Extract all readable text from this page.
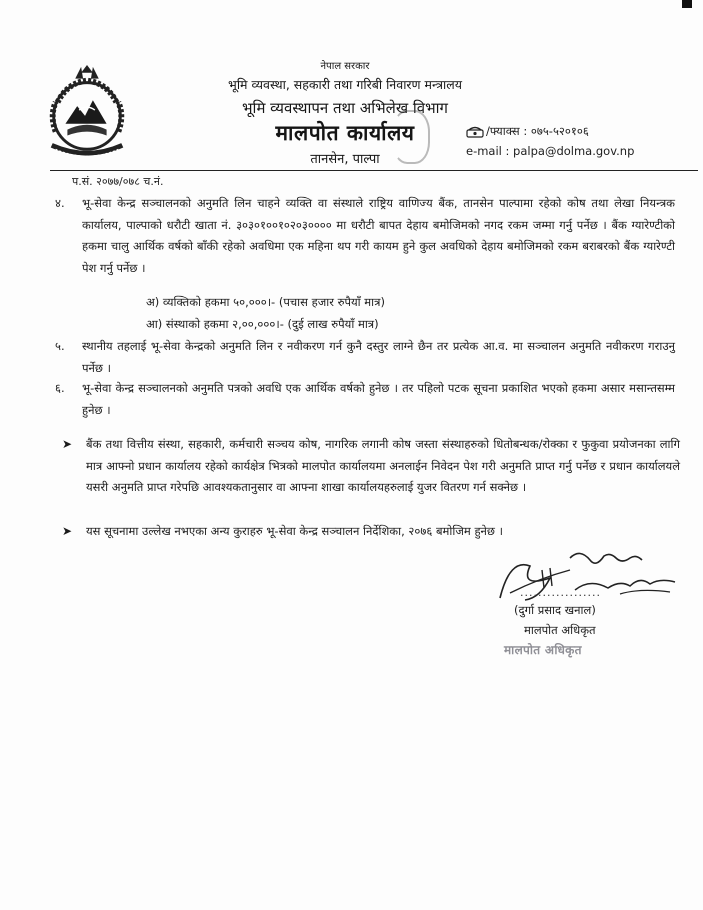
नेपाल सरकार
भूमि व्यवस्था, सहकारी तथा गरिबी निवारण मन्त्रालय
भूमि व्यवस्थापन तथा अभिलेख विभाग
मालपोत कार्यालय
तानसेन, पाल्पा
/फ्याक्स : ०७५-५२०१०६
e-mail : palpa@dolma.gov.np
प.सं. २०७७/०७८ च.नं.
४.	भू-सेवा केन्द्र सञ्चालनको अनुमति लिन चाहने व्यक्ति वा संस्थाले राष्ट्रिय वाणिज्य बैंक, तानसेन पाल्पामा रहेको कोष तथा लेखा नियन्त्रक कार्यालय, पाल्पाको धरौटी खाता नं. ३०३०१००१०२०३०००० मा धरौटी बापत देहाय बमोजिमको नगद रकम जम्मा गर्नु पर्नेछ । बैंक ग्यारेण्टीको हकमा चालु आर्थिक वर्षको बाँकी रहेको अवधिमा एक महिना थप गरी कायम हुने कुल अवधिको देहाय बमोजिमको रकम बराबरको बैंक ग्यारेण्टी पेश गर्नु पर्नेछ ।
अ) व्यक्तिको हकमा ५०,०००।- (पचास हजार रुपैयाँ मात्र)
आ) संस्थाको हकमा २,००,०००।- (दुई लाख रुपैयाँ मात्र)
५.	स्थानीय तहलाई भू-सेवा केन्द्रको अनुमति लिन र नवीकरण गर्न कुनै दस्तुर लाग्ने छैन तर प्रत्येक आ.व. मा सञ्चालन अनुमति नवीकरण गराउनु पर्नेछ ।
६.	भू-सेवा केन्द्र सञ्चालनको अनुमति पत्रको अवधि एक आर्थिक वर्षको हुनेछ । तर पहिलो पटक सूचना प्रकाशित भएको हकमा असार मसान्तसम्म हुनेछ ।
➤	बैंक तथा वित्तीय संस्था, सहकारी, कर्मचारी सञ्चय कोष, नागरिक लगानी कोष जस्ता संस्थाहरुको धितोबन्धक/रोक्का र फुकुवा प्रयोजनका लागि मात्र आफ्नो प्रधान कार्यालय रहेको कार्यक्षेत्र भित्रको मालपोत कार्यालयमा अनलाईन निवेदन पेश गरी अनुमति प्राप्त गर्नु पर्नेछ र प्रधान कार्यालयले यसरी अनुमति प्राप्त गरेपछि आवश्यकतानुसार वा आफ्ना शाखा कार्यालयहरुलाई युजर वितरण गर्न सक्नेछ ।
➤	यस सूचनामा उल्लेख नभएका अन्य कुराहरु भू-सेवा केन्द्र सञ्चालन निर्देशिका, २०७६ बमोजिम हुनेछ ।
..................
(दुर्गा प्रसाद खनाल)
मालपोत अधिकृत
मालपोत अधिकृत
